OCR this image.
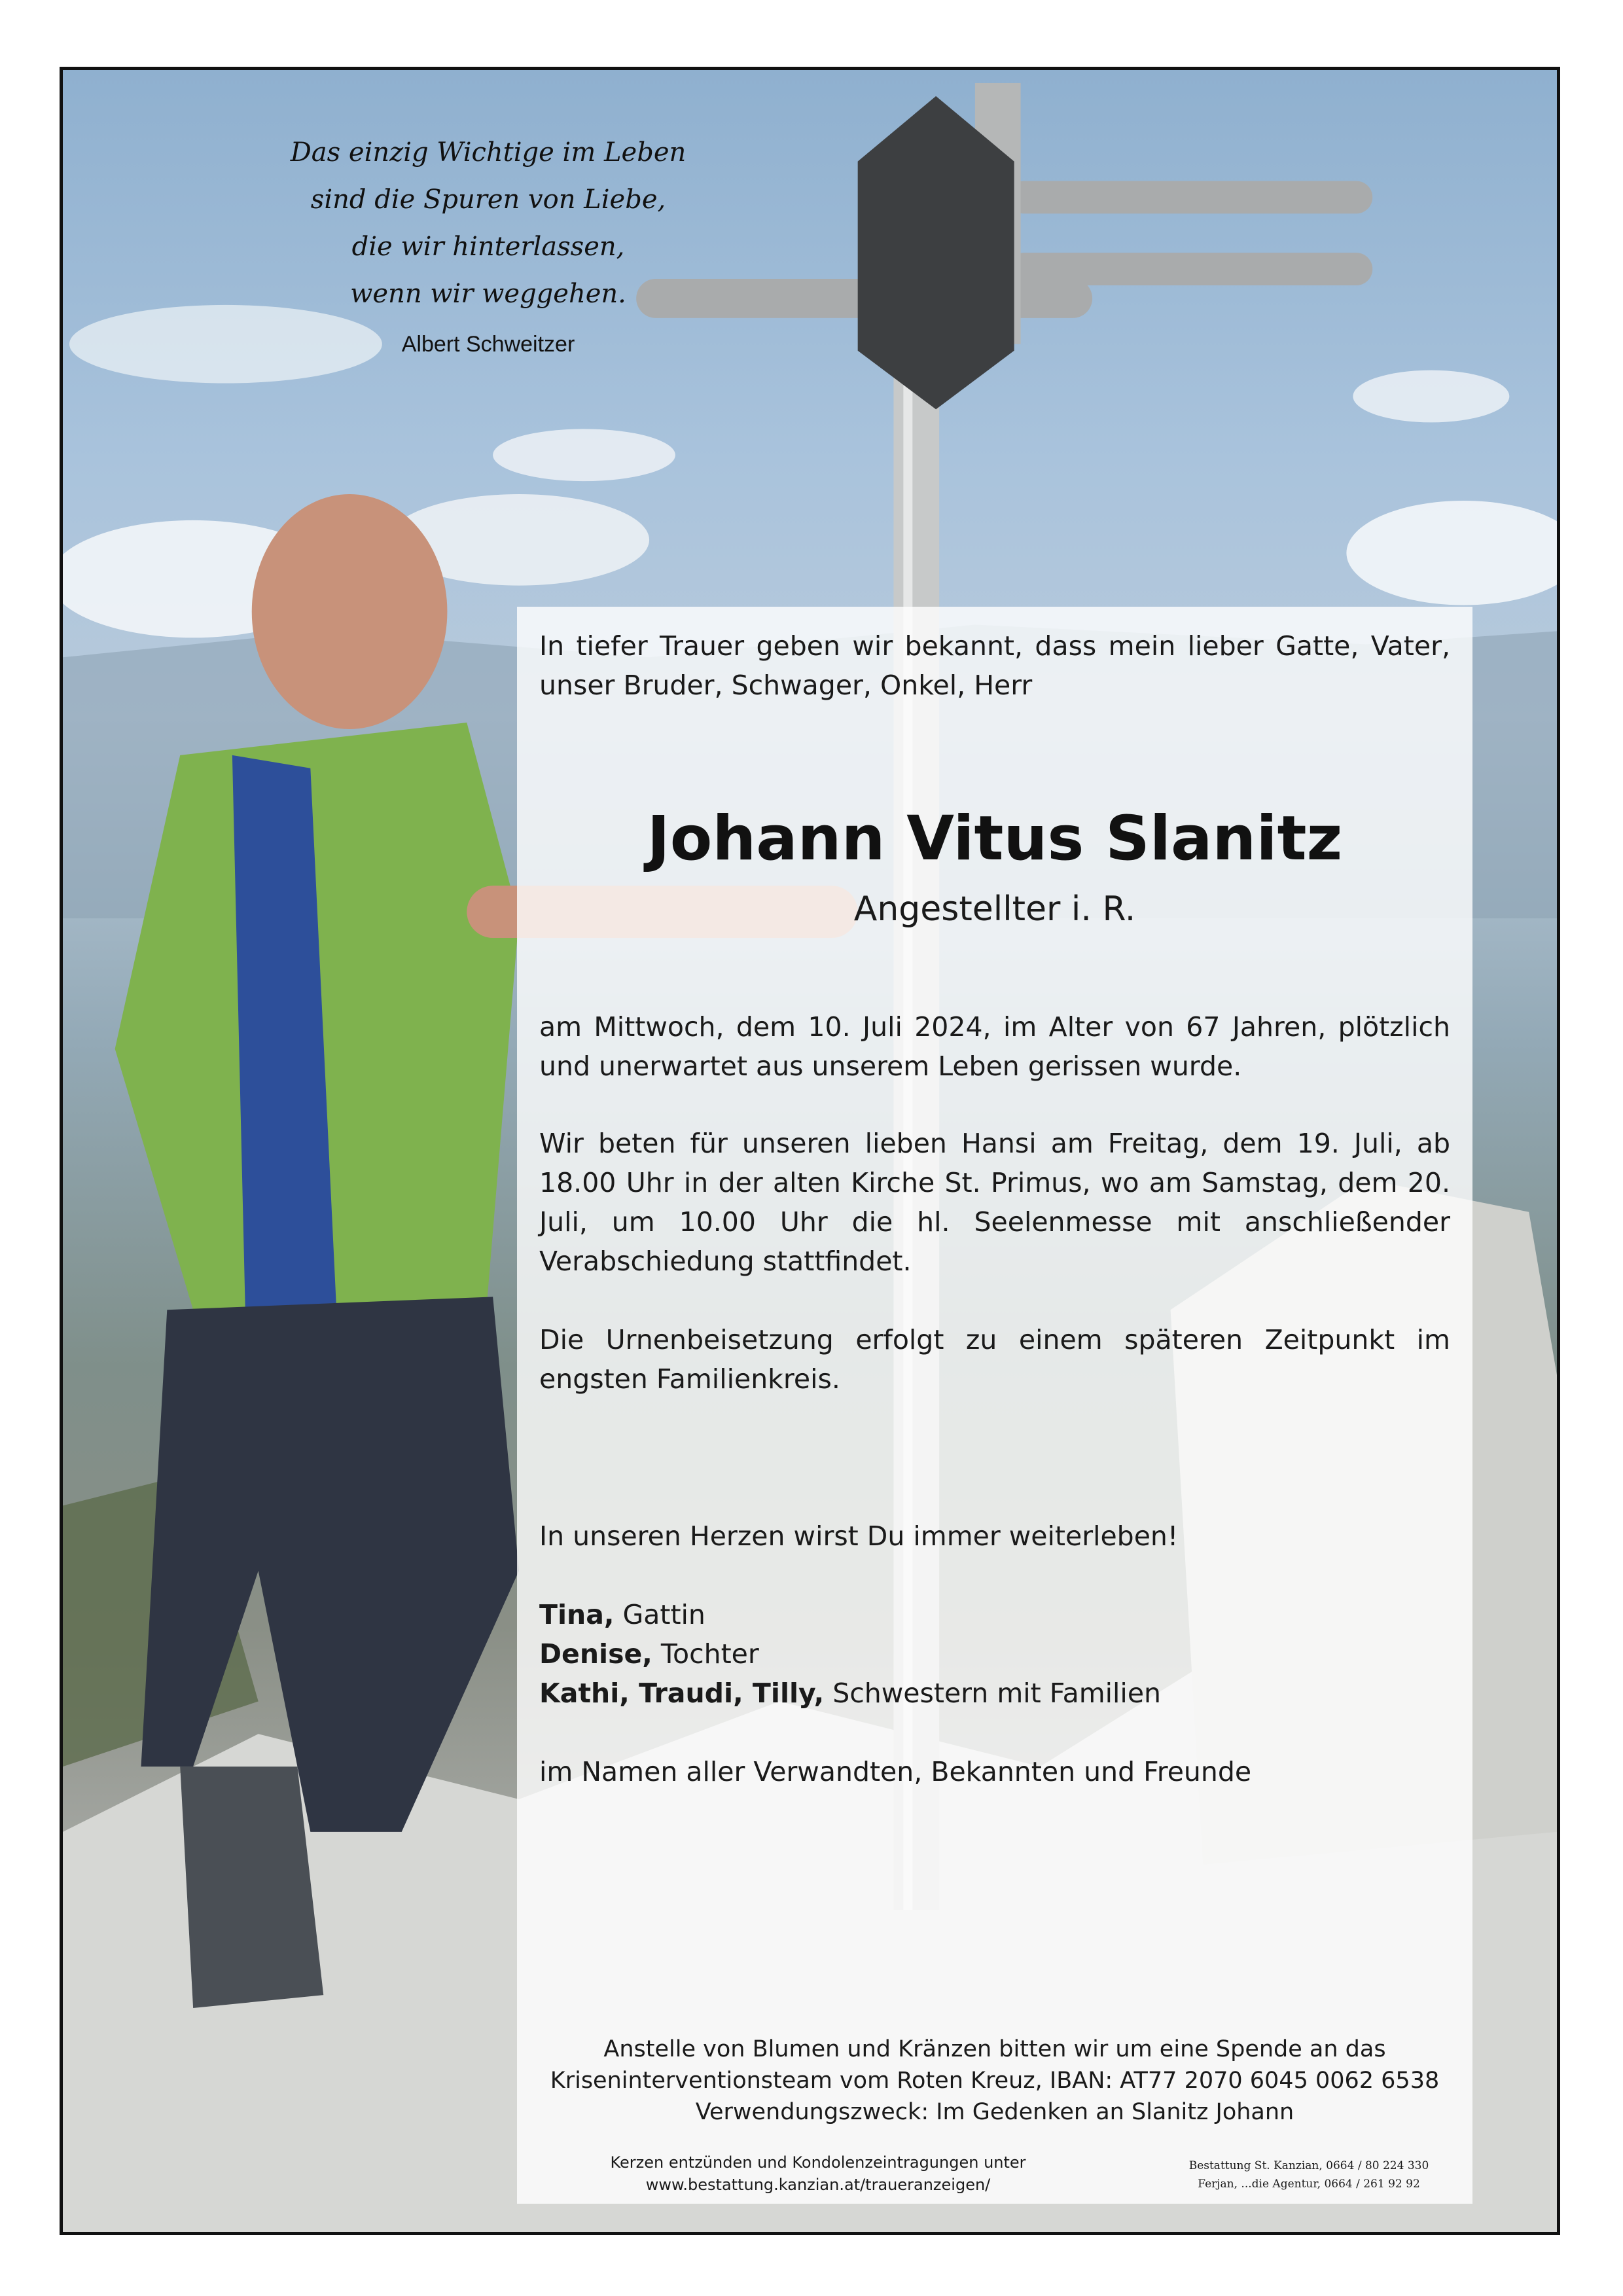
Das einzig Wichtige im Leben
sind die Spuren von Liebe,
die wir hinterlassen,
wenn wir weggehen.
Albert Schweitzer

In tiefer Trauer geben wir bekannt, dass mein lieber Gatte, Vater, unser Bruder, Schwager, Onkel, Herr

Johann Vitus Slanitz
Angestellter i. R.

am Mittwoch, dem 10. Juli 2024, im Alter von 67 Jahren, plötzlich und unerwartet aus unserem Leben gerissen wurde.

Wir beten für unseren lieben Hansi am Freitag, dem 19. Juli, ab 18.00 Uhr in der alten Kirche St. Primus, wo am Samstag, dem 20. Juli, um 10.00 Uhr die hl. Seelenmesse mit anschließender Verabschiedung stattfindet.

Die Urnenbeisetzung erfolgt zu einem späteren Zeitpunkt im engsten Familienkreis.

In unseren Herzen wirst Du immer weiterleben!

Tina, Gattin
Denise, Tochter
Kathi, Traudi, Tilly, Schwestern mit Familien

im Namen aller Verwandten, Bekannten und Freunde

Anstelle von Blumen und Kränzen bitten wir um eine Spende an das
Kriseninterventionsteam vom Roten Kreuz, IBAN: AT77 2070 6045 0062 6538
Verwendungszweck: Im Gedenken an Slanitz Johann
Kerzen entzünden und Kondolenzeintragungen unter
www.bestattung.kanzian.at/traueranzeigen/
Bestattung St. Kanzian, 0664 / 80 224 330
Ferjan, ...die Agentur, 0664 / 261 92 92
